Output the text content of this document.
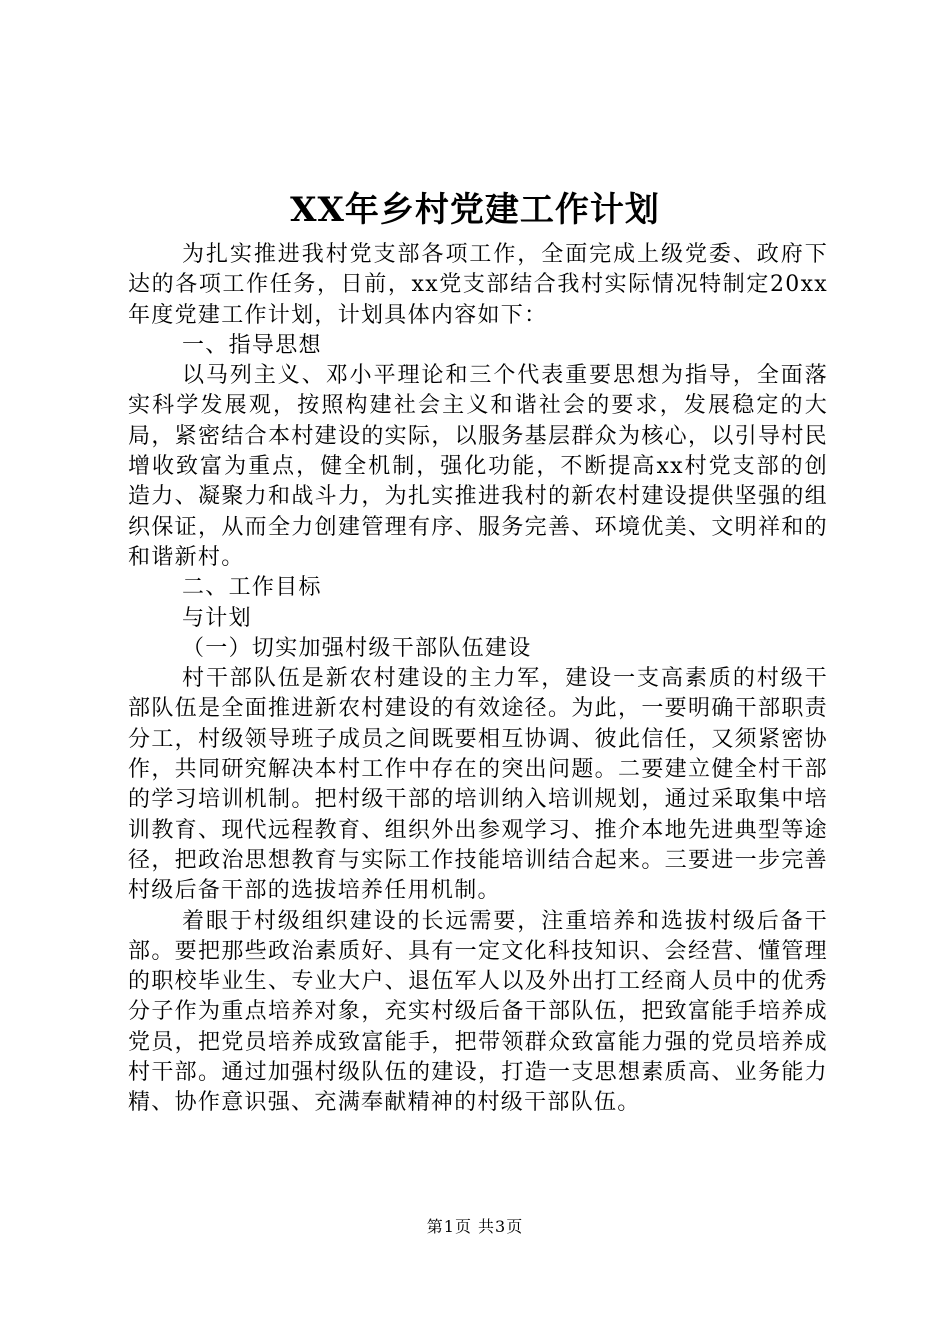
XX年乡村党建工作计划

为扎实推进我村党支部各项工作，全面完成上级党委、政府下达的各项工作任务，日前，xx党支部结合我村实际情况特制定20xx年度党建工作计划，计划具体内容如下：

一、指导思想

以马列主义、邓小平理论和三个代表重要思想为指导，全面落实科学发展观，按照构建社会主义和谐社会的要求，发展稳定的大局，紧密结合本村建设的实际，以服务基层群众为核心，以引导村民增收致富为重点，健全机制，强化功能，不断提高xx村党支部的创造力、凝聚力和战斗力，为扎实推进我村的新农村建设提供坚强的组织保证，从而全力创建管理有序、服务完善、环境优美、文明祥和的和谐新村。

二、工作目标

与计划

（一）切实加强村级干部队伍建设

村干部队伍是新农村建设的主力军，建设一支高素质的村级干部队伍是全面推进新农村建设的有效途径。为此，一要明确干部职责分工，村级领导班子成员之间既要相互协调、彼此信任，又须紧密协作，共同研究解决本村工作中存在的突出问题。二要建立健全村干部的学习培训机制。把村级干部的培训纳入培训规划，通过采取集中培训教育、现代远程教育、组织外出参观学习、推介本地先进典型等途径，把政治思想教育与实际工作技能培训结合起来。三要进一步完善村级后备干部的选拔培养任用机制。

着眼于村级组织建设的长远需要，注重培养和选拔村级后备干部。要把那些政治素质好、具有一定文化科技知识、会经营、懂管理的职校毕业生、专业大户、退伍军人以及外出打工经商人员中的优秀分子作为重点培养对象，充实村级后备干部队伍，把致富能手培养成党员，把党员培养成致富能手，把带领群众致富能力强的党员培养成村干部。通过加强村级队伍的建设，打造一支思想素质高、业务能力精、协作意识强、充满奉献精神的村级干部队伍。

第1页 共3页
